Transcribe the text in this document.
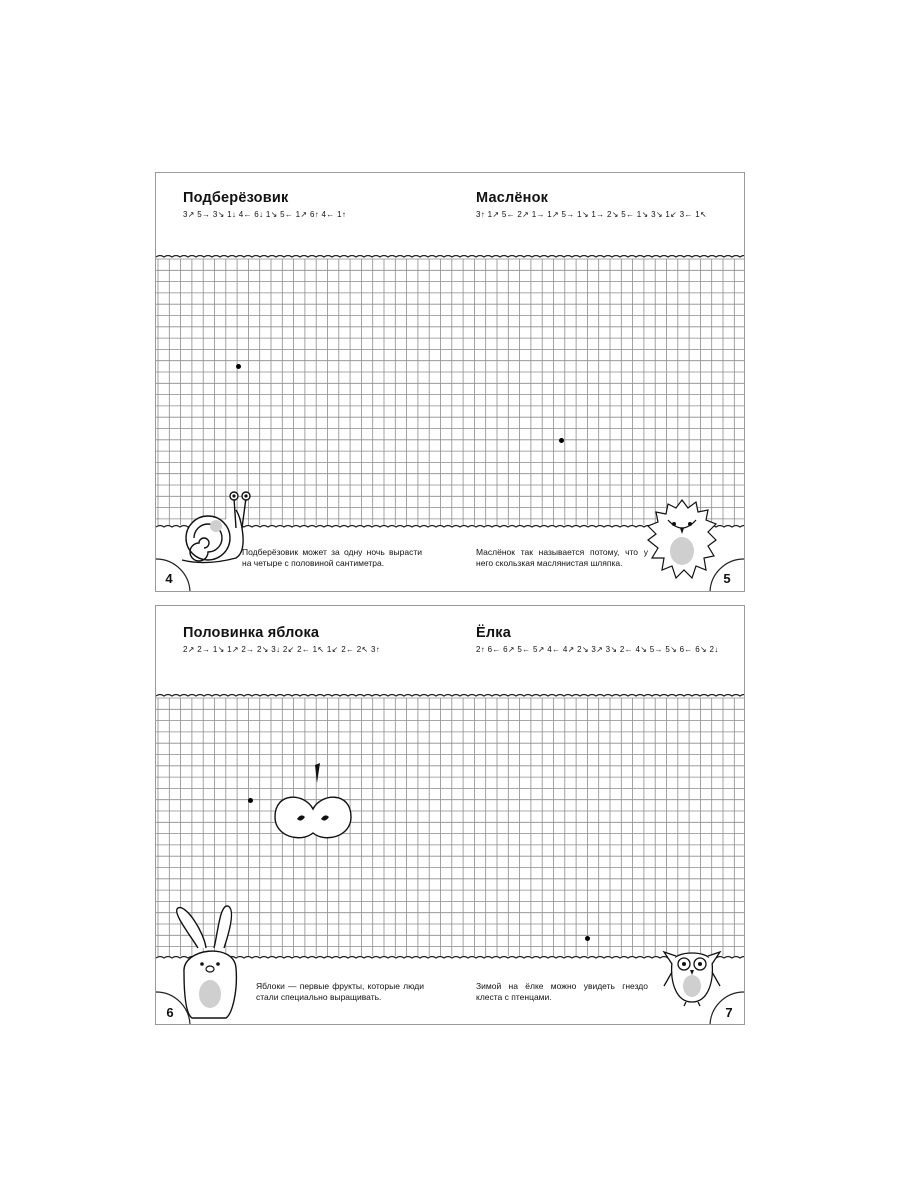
Подберёзовик
3↗ 5→ 3↘ 1↓ 4← 6↓ 1↘ 5← 1↗ 6↑ 4← 1↑
Маслёнок
3↑ 1↗ 5← 2↗ 1→ 1↗ 5→ 1↘ 1→ 2↘ 5← 1↘ 3↘ 1↙ 3← 1↖
Подберёзовик может за одну ночь вырасти на четыре с половиной сантиметра.
Маслёнок так называется потому, что у него скользкая маслянистая шляпка.
4	5
Половинка яблока
2↗ 2→ 1↘ 1↗ 2→ 2↘ 3↓ 2↙ 2← 1↖ 1↙ 2← 2↖ 3↑
Ёлка
2↑ 6← 6↗ 5← 5↗ 4← 4↗ 2↘ 3↗ 3↘ 2← 4↘ 5→ 5↘ 6← 6↘ 2↓
Яблоки — первые фрукты, которые люди стали специально выращивать.
Зимой на ёлке можно увидеть гнездо клеста с птенцами.
6	7
